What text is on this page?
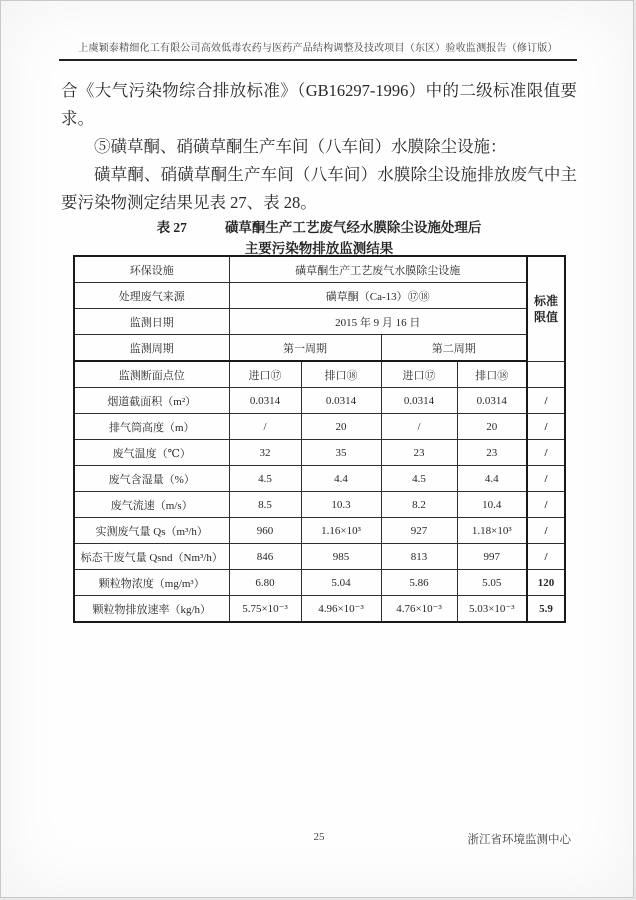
上虞颖泰精细化工有限公司高效低毒农药与医药产品结构调整及技改项目（东区）验收监测报告（修订版）

合《大气污染物综合排放标准》（GB16297-1996）中的二级标准限值要求。

⑤磺草酮、硝磺草酮生产车间（八车间）水膜除尘设施：

磺草酮、硝磺草酮生产车间（八车间）水膜除尘设施排放废气中主要污染物测定结果见表 27、表 28。

表 27	磺草酮生产工艺废气经水膜除尘设施处理后
主要污染物排放监测结果
环保设施	磺草酮生产工艺废气水膜除尘设施				标准
限值

处理废气来源	磺草酮（Ca-13）⑰⑱				
监测日期	2015 年 9 月 16 日				
监测周期	第一周期		第二周期		
监测断面点位	进口⑰	排口⑱	进口⑰	排口⑱	
烟道截面积（m²）	0.0314	0.0314	0.0314	0.0314	/
排气筒高度（m）	/	20	/	20	/
废气温度（℃）	32	35	23	23	/
废气含湿量（%）	4.5	4.4	4.5	4.4	/
废气流速（m/s）	8.5	10.3	8.2	10.4	/
实测废气量 Qs（m³/h）	960	1.16×10³	927	1.18×10³	/
标态干废气量 Qsnd（Nm³/h）	846	985	813	997	/
颗粒物浓度（mg/m³）	6.80	5.04	5.86	5.05	120
颗粒物排放速率（kg/h）	5.75×10⁻³	4.96×10⁻³	4.76×10⁻³	5.03×10⁻³	5.9
25	浙江省环境监测中心
